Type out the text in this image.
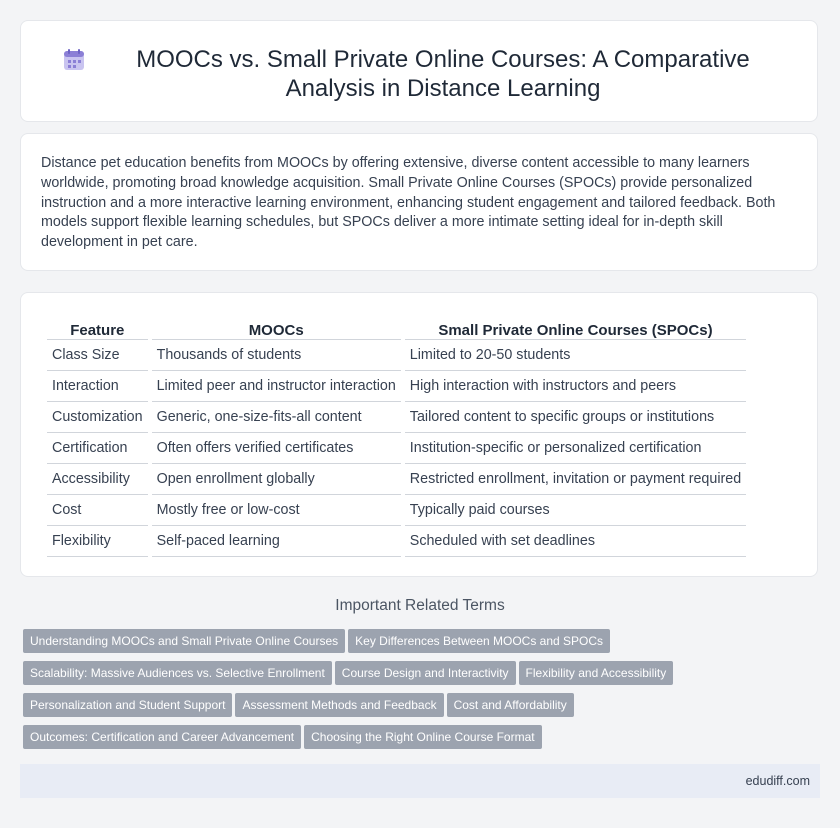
MOOCs vs. Small Private Online Courses: A Comparative Analysis in Distance Learning

Distance pet education benefits from MOOCs by offering extensive, diverse content accessible to many learners worldwide, promoting broad knowledge acquisition. Small Private Online Courses (SPOCs) provide personalized instruction and a more interactive learning environment, enhancing student engagement and tailored feedback. Both models support flexible learning schedules, but SPOCs deliver a more intimate setting ideal for in-depth skill development in pet care.

Feature	MOOCs	Small Private Online Courses (SPOCs)
Class Size	Thousands of students	Limited to 20-50 students
Interaction	Limited peer and instructor interaction	High interaction with instructors and peers
Customization	Generic, one-size-fits-all content	Tailored content to specific groups or institutions
Certification	Often offers verified certificates	Institution-specific or personalized certification
Accessibility	Open enrollment globally	Restricted enrollment, invitation or payment required
Cost	Mostly free or low-cost	Typically paid courses
Flexibility	Self-paced learning	Scheduled with set deadlines
Important Related Terms
Understanding MOOCs and Small Private Online Courses Key Differences Between MOOCs and SPOCs
Scalability: Massive Audiences vs. Selective Enrollment Course Design and Interactivity Flexibility and Accessibility
Personalization and Student Support Assessment Methods and Feedback Cost and Affordability
Outcomes: Certification and Career Advancement Choosing the Right Online Course Format
edudiff.com
